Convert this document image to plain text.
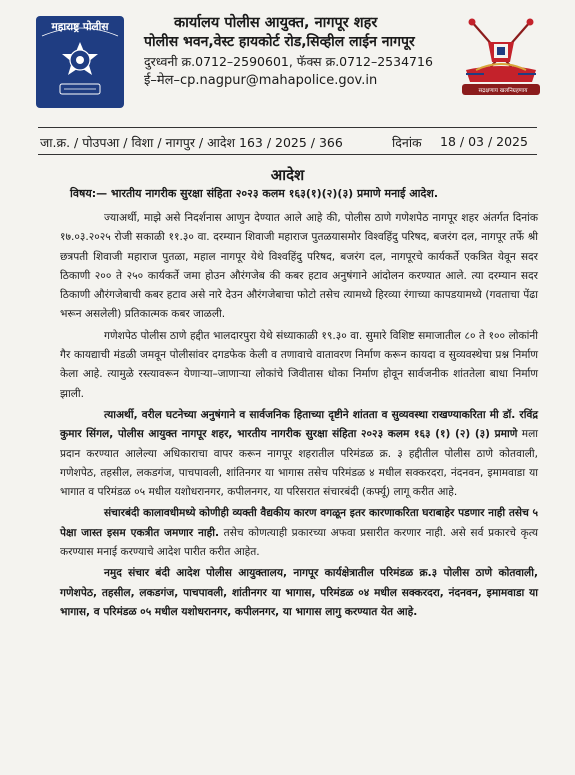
महाराष्ट्र पोलीस	कार्यालय पोलीस आयुक्त, नागपूर शहर
पोलीस भवन,वेस्ट हायकोर्ट रोड,सिव्हील लाईन नागपूर
दुरध्वनी क्र.0712–2590601, फॅक्स क्र.0712–2534716
ई–मेल–cp.nagpur@mahapolice.gov.in
सद्रक्षणाय खलनिग्रहणाय
जा.क्र. / पोउपआ / विशा / नागपुर / आदेश 163 / 2025 / 366	दिनांक 18 / 03 / 2025
आदेश
विषय:— भारतीय नागरीक सुरक्षा संहिता २०२३ कलम १६३(१)(२)(३) प्रमाणे मनाई आदेश.

ज्याअर्थी, माझे असे निदर्शनास आणुन देण्यात आले आहे की, पोलीस ठाणे गणेशपेठ नागपूर शहर अंतर्गत दिनांक १७.०३.२०२५ रोजी सकाळी ११.३० वा. दरम्यान शिवाजी महाराज पुतळयासमोर विश्वहिंदु परिषद, बजरंग दल, नागपूर तर्फे श्री छत्रपती शिवाजी महाराज पुतळा, महाल नागपूर येथे विश्वहिंदु परिषद, बजरंग दल, नागपूरचे कार्यकर्ते एकत्रित येवून सदर ठिकाणी २०० ते २५० कार्यकर्ते जमा होउन औरंगजेब की कबर हटाव अनुषंगाने आंदोलन करण्यात आले. त्या दरम्यान सदर ठिकाणी औरंगजेबाची कबर हटाव असे नारे देउन औरंगजेबाचा फोटो तसेच त्यामध्ये हिरव्या रंगाच्या कापडयामध्ये (गवताचा पेंढा भरून असलेली) प्रतिकात्मक कबर जाळली.

गणेशपेठ पोलीस ठाणे हद्दीत भालदारपुरा येथे संध्याकाळी १९.३० वा. सुमारे विशिष्ट समाजातील ८० ते १०० लोकांनी गैर कायद्याची मंडळी जमवून पोलीसांवर दगडफेक केली व तणावाचे वातावरण निर्माण करून कायदा व सुव्यवस्थेचा प्रश्न निर्माण केला आहे. त्यामुळे रस्त्यावरून येणाऱ्या–जाणाऱ्या लोकांचे जिवीतास धोका निर्माण होवून सार्वजनीक शांततेला बाधा निर्माण झाली.

त्याअर्थी, वरील घटनेच्या अनुषंगाने व सार्वजनिक हिताच्या दृष्टीने शांतता व सुव्यवस्था राखण्याकरिता मी डॉ. रविंद्र कुमार सिंगल, पोलीस आयुक्त नागपूर शहर, भारतीय नागरीक सुरक्षा संहिता २०२३ कलम १६३ (१) (२) (३) प्रमाणे मला प्रदान करण्यात आलेल्या अधिकाराचा वापर करून नागपूर शहरातील परिमंडळ क्र. ३ हद्दीतील पोलीस ठाणे कोतवाली, गणेशपेठ, तहसील, लकडगंज, पाचपावली, शांतिनगर या भागास तसेच परिमंडळ ४ मधील सक्करदरा, नंदनवन, इमामवाडा या भागात व परिमंडळ ०५ मधील यशोधरानगर, कपीलनगर, या परिसरात संचारबंदी (कर्फ्यू) लागू करीत आहे.

संचारबंदी कालावधीमध्ये कोणीही व्यक्ती वैद्यकीय कारण वगळून इतर कारणाकरिता घराबाहेर पडणार नाही तसेच ५ पेक्षा जास्त इसम एकत्रीत जमणार नाही. तसेच कोणत्याही प्रकारच्या अफवा प्रसारीत करणार नाही. असे सर्व प्रकारचे कृत्य करण्यास मनाई करण्याचे आदेश पारीत करीत आहेत.

नमुद संचार बंदी आदेश पोलीस आयुक्तालय, नागपूर कार्यक्षेत्रातील परिमंडळ क्र.३ पोलीस ठाणे कोतवाली, गणेशपेठ, तहसील, लकडगंज, पाचपावली, शांतीनगर या भागास, परिमंडळ ०४ मधील सक्करदरा, नंदनवन, इमामवाडा या भागास, व परिमंडळ ०५ मधील यशोधरानगर, कपीलनगर, या भागास लागु करण्यात येत आहे.
